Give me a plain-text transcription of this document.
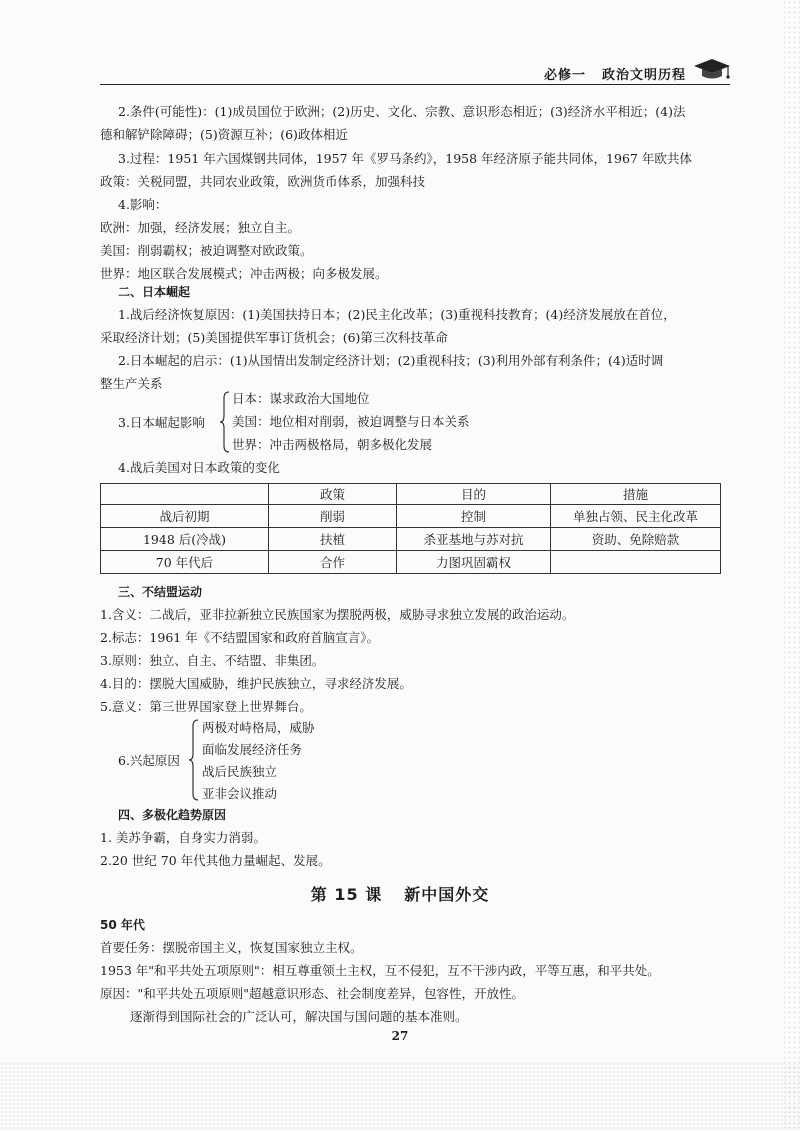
必修一 政治文明历程
2.条件(可能性)：(1)成员国位于欧洲；(2)历史、文化、宗教、意识形态相近；(3)经济水平相近；(4)法
德和解铲除障碍；(5)资源互补；(6)政体相近
3.过程：1951 年六国煤钢共同体，1957 年《罗马条约》，1958 年经济原子能共同体，1967 年欧共体
政策：关税同盟，共同农业政策，欧洲货币体系，加强科技
4.影响：
欧洲：加强，经济发展；独立自主。
美国：削弱霸权；被迫调整对欧政策。
世界：地区联合发展模式；冲击两极；向多极发展。
二、日本崛起
1.战后经济恢复原因：(1)美国扶持日本；(2)民主化改革；(3)重视科技教育；(4)经济发展放在首位，
采取经济计划；(5)美国提供军事订货机会；(6)第三次科技革命
2.日本崛起的启示：(1)从国情出发制定经济计划；(2)重视科技；(3)利用外部有利条件；(4)适时调
整生产关系
3.日本崛起影响
日本：谋求政治大国地位
美国：地位相对削弱，被迫调整与日本关系
世界：冲击两极格局，朝多极化发展
4.战后美国对日本政策的变化
	政策	目的	措施
战后初期	削弱	控制	单独占领、民主化改革
1948 后(冷战)	扶植	杀亚基地与苏对抗	资助、免除赔款
70 年代后	合作	力图巩固霸权	
三、不结盟运动
1.含义：二战后，亚非拉新独立民族国家为摆脱两极，威胁寻求独立发展的政治运动。
2.标志：1961 年《不结盟国家和政府首脑宣言》。
3.原则：独立、自主、不结盟、非集团。
4.目的：摆脱大国威胁，维护民族独立，寻求经济发展。
5.意义：第三世界国家登上世界舞台。
6.兴起原因
两极对峙格局，威胁
面临发展经济任务
战后民族独立
亚非会议推动
四、多极化趋势原因
1. 美苏争霸，自身实力消弱。
2.20 世纪 70 年代其他力量崛起、发展。
第 15 课 新中国外交
50 年代
首要任务：摆脱帝国主义，恢复国家独立主权。
1953 年"和平共处五项原则"：相互尊重领土主权，互不侵犯，互不干涉内政，平等互惠，和平共处。
原因："和平共处五项原则"超越意识形态、社会制度差异，包容性，开放性。
逐渐得到国际社会的广泛认可，解决国与国问题的基本准则。
27
